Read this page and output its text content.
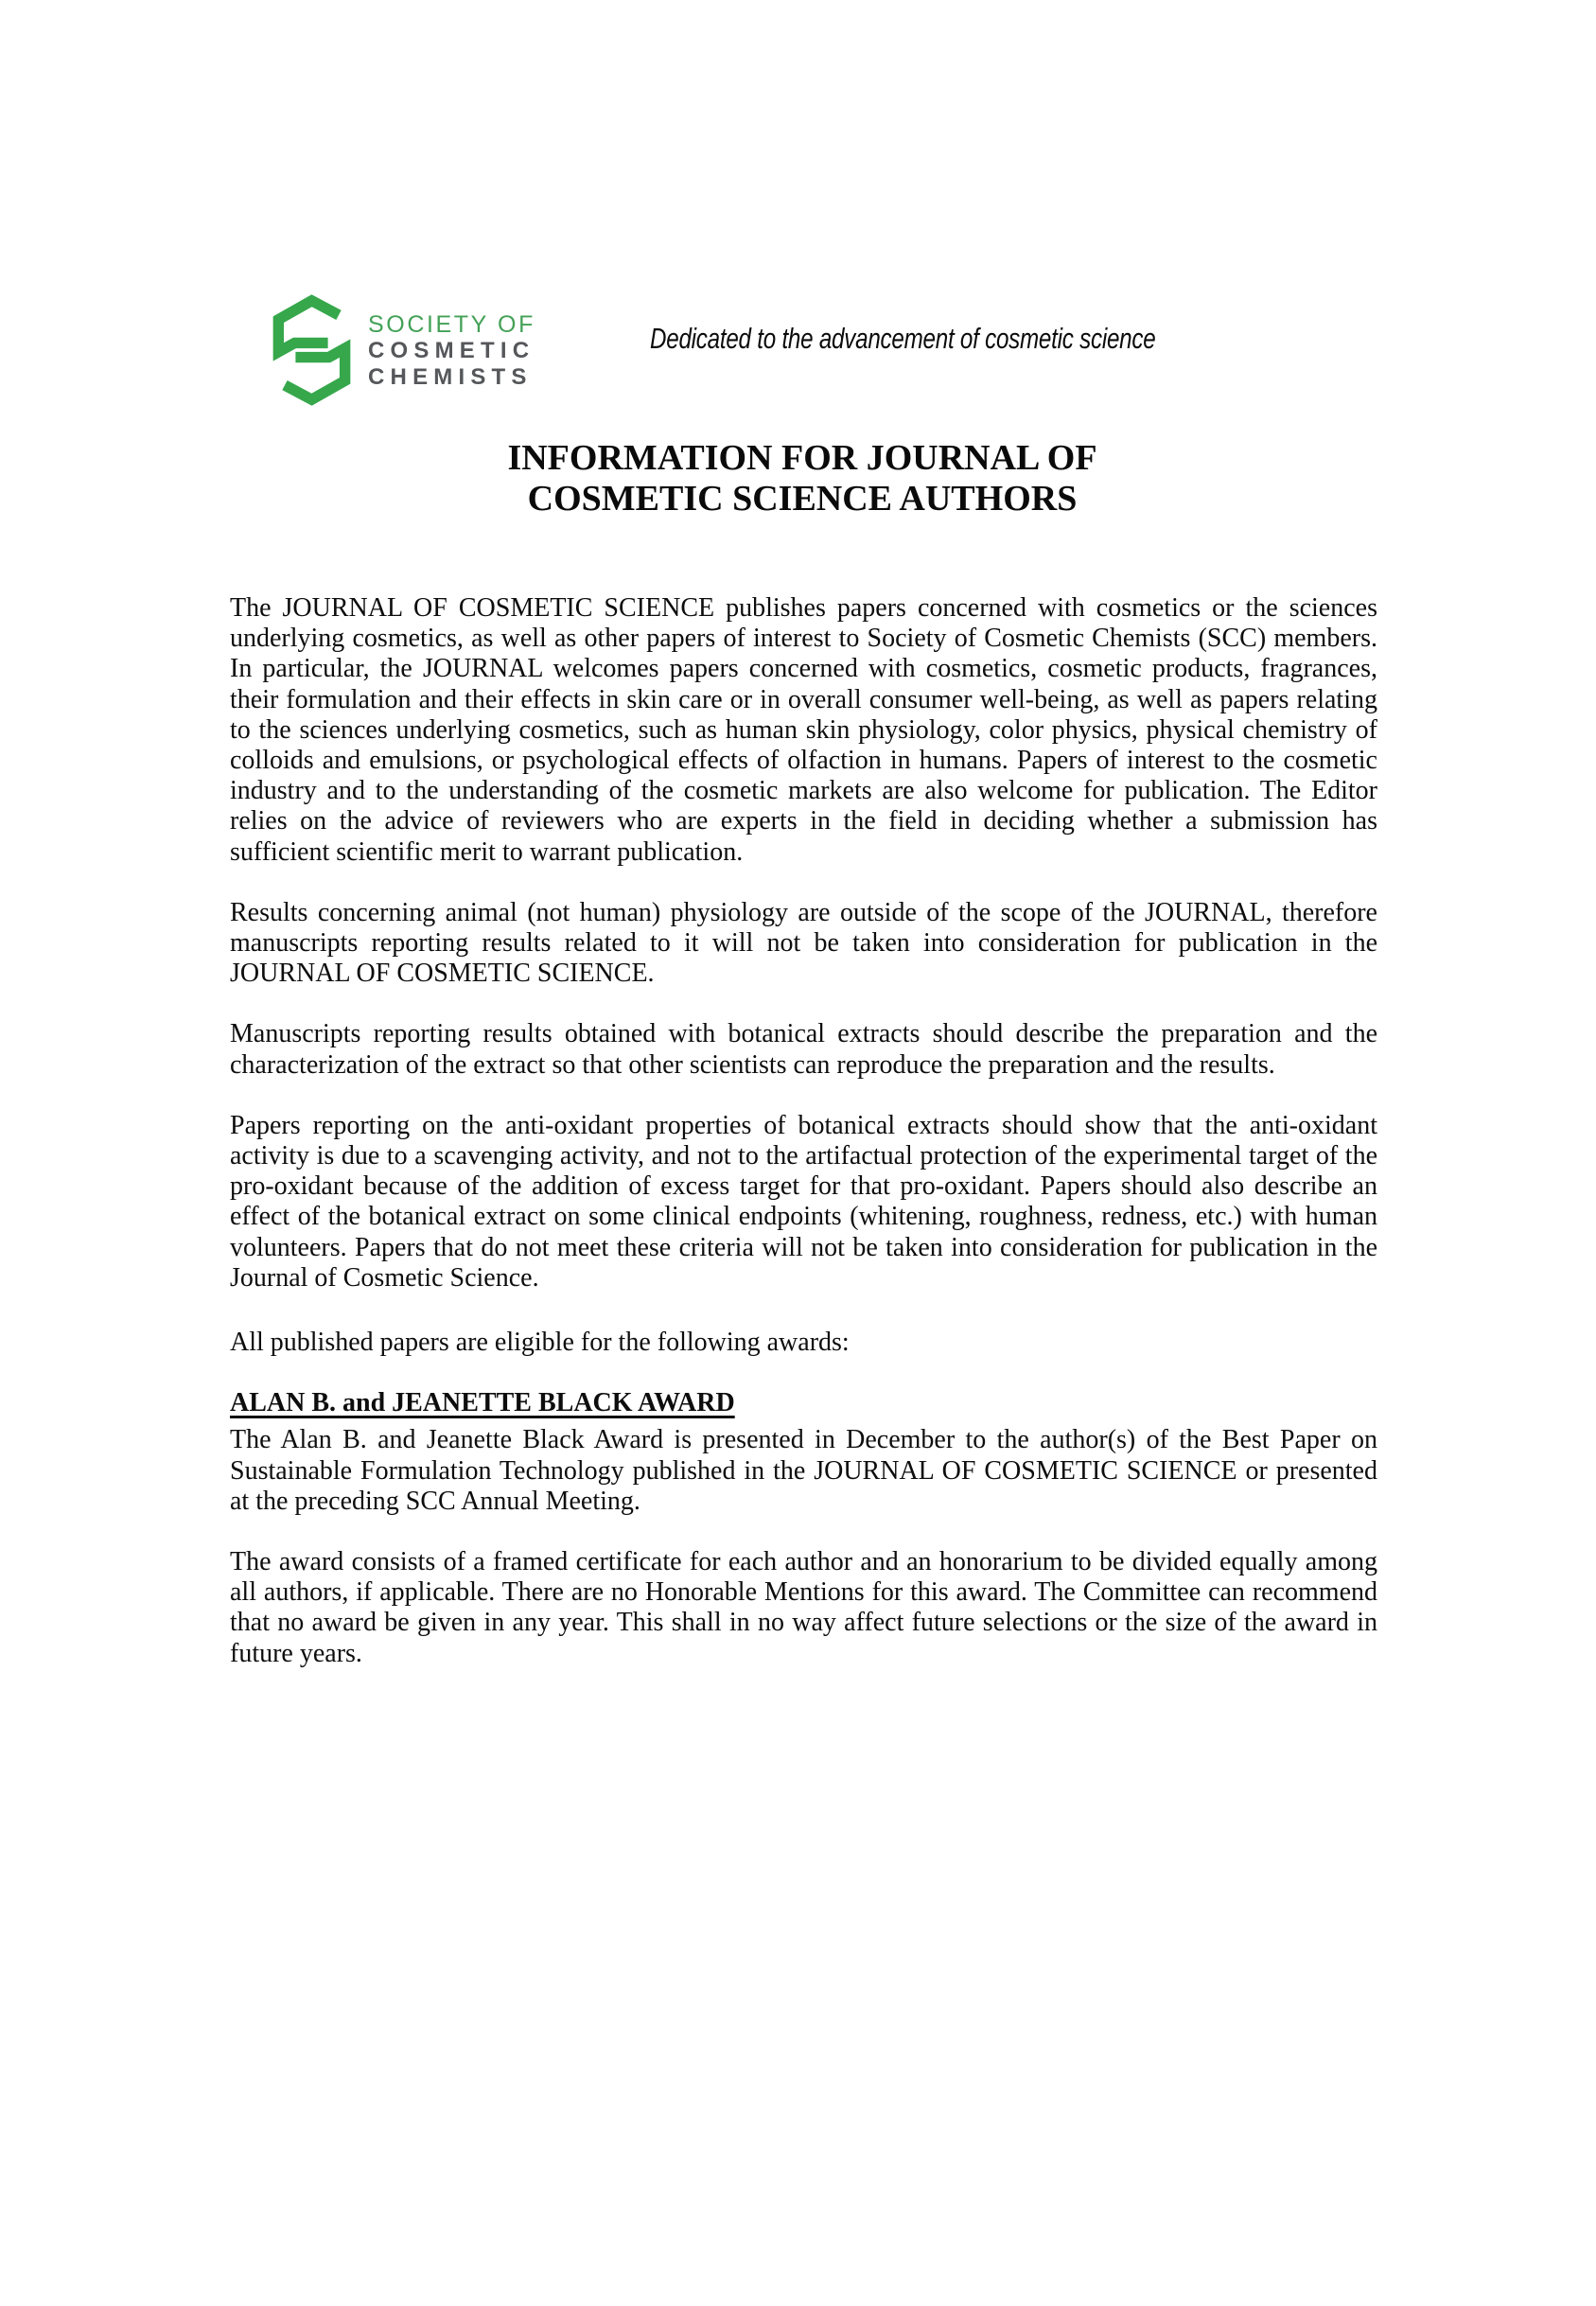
SOCIETY OF
COSMETIC
CHEMISTS
Dedicated to the advancement of cosmetic science
INFORMATION FOR JOURNAL OF
COSMETIC SCIENCE AUTHORS

The JOURNAL OF COSMETIC SCIENCE publishes papers concerned with cosmetics or the sciences underlying cosmetics, as well as other papers of interest to Society of Cosmetic Chemists (SCC) members. In particular, the JOURNAL welcomes papers concerned with cosmetics, cosmetic products, fragrances, their formulation and their effects in skin care or in overall consumer well-being, as well as papers relating to the sciences underlying cosmetics, such as human skin physiology, color physics, physical chemistry of colloids and emulsions, or psychological effects of olfaction in humans. Papers of interest to the cosmetic industry and to the understanding of the cosmetic markets are also welcome for publication. The Editor relies on the advice of reviewers who are experts in the field in deciding whether a submission has sufficient scientific merit to warrant publication.

Results concerning animal (not human) physiology are outside of the scope of the JOURNAL, therefore manuscripts reporting results related to it will not be taken into consideration for publication in the JOURNAL OF COSMETIC SCIENCE.

Manuscripts reporting results obtained with botanical extracts should describe the preparation and the characterization of the extract so that other scientists can reproduce the preparation and the results.

Papers reporting on the anti-oxidant properties of botanical extracts should show that the anti-oxidant activity is due to a scavenging activity, and not to the artifactual protection of the experimental target of the pro-oxidant because of the addition of excess target for that pro-oxidant. Papers should also describe an effect of the botanical extract on some clinical endpoints (whitening, roughness, redness, etc.) with human volunteers. Papers that do not meet these criteria will not be taken into consideration for publication in the Journal of Cosmetic Science.

All published papers are eligible for the following awards:

ALAN B. and JEANETTE BLACK AWARD

The Alan B. and Jeanette Black Award is presented in December to the author(s) of the Best Paper on Sustainable Formulation Technology published in the JOURNAL OF COSMETIC SCIENCE or presented at the preceding SCC Annual Meeting.

The award consists of a framed certificate for each author and an honorarium to be divided equally among all authors, if applicable. There are no Honorable Mentions for this award. The Committee can recommend that no award be given in any year. This shall in no way affect future selections or the size of the award in future years.
